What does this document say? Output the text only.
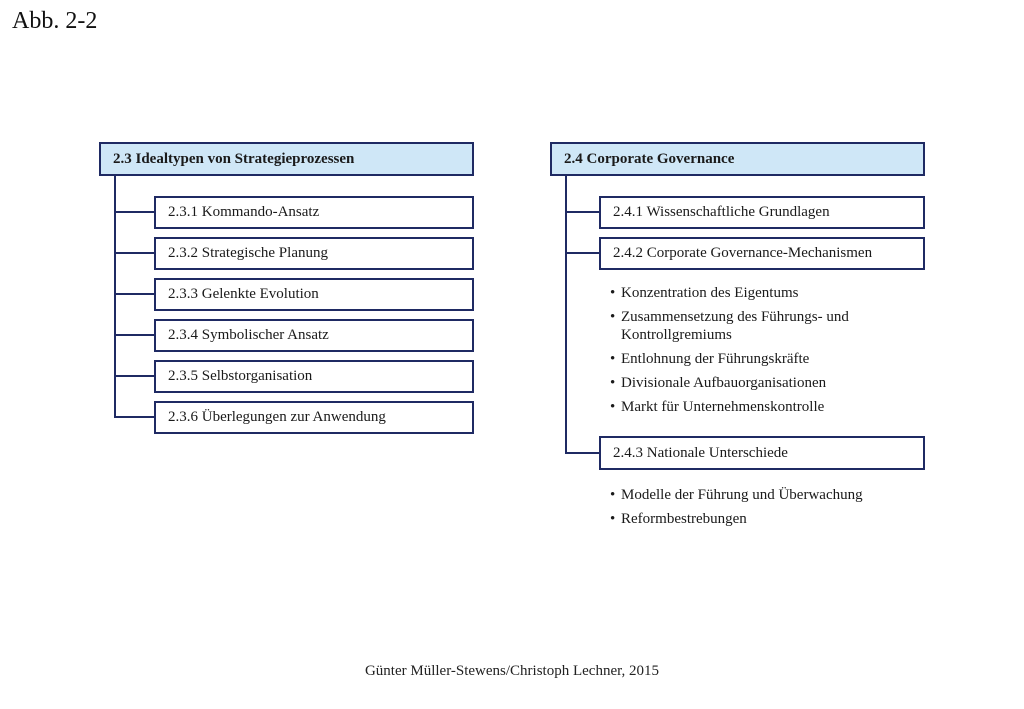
Abb. 2-2
2.3 Idealtypen von Strategieprozessen
2.3.1 Kommando-Ansatz
2.3.2 Strategische Planung
2.3.3 Gelenkte Evolution
2.3.4 Symbolischer Ansatz
2.3.5 Selbstorganisation
2.3.6 Überlegungen zur Anwendung
2.4 Corporate Governance
2.4.1 Wissenschaftliche Grundlagen
2.4.2 Corporate Governance-Mechanismen
• Konzentration des Eigentums
• Zusammensetzung des Führungs- und Kontrollgremiums
• Entlohnung der Führungskräfte
• Divisionale Aufbauorganisationen
• Markt für Unternehmenskontrolle
2.4.3 Nationale Unterschiede
• Modelle der Führung und Überwachung
• Reformbestrebungen
Günter Müller-Stewens/Christoph Lechner, 2015
